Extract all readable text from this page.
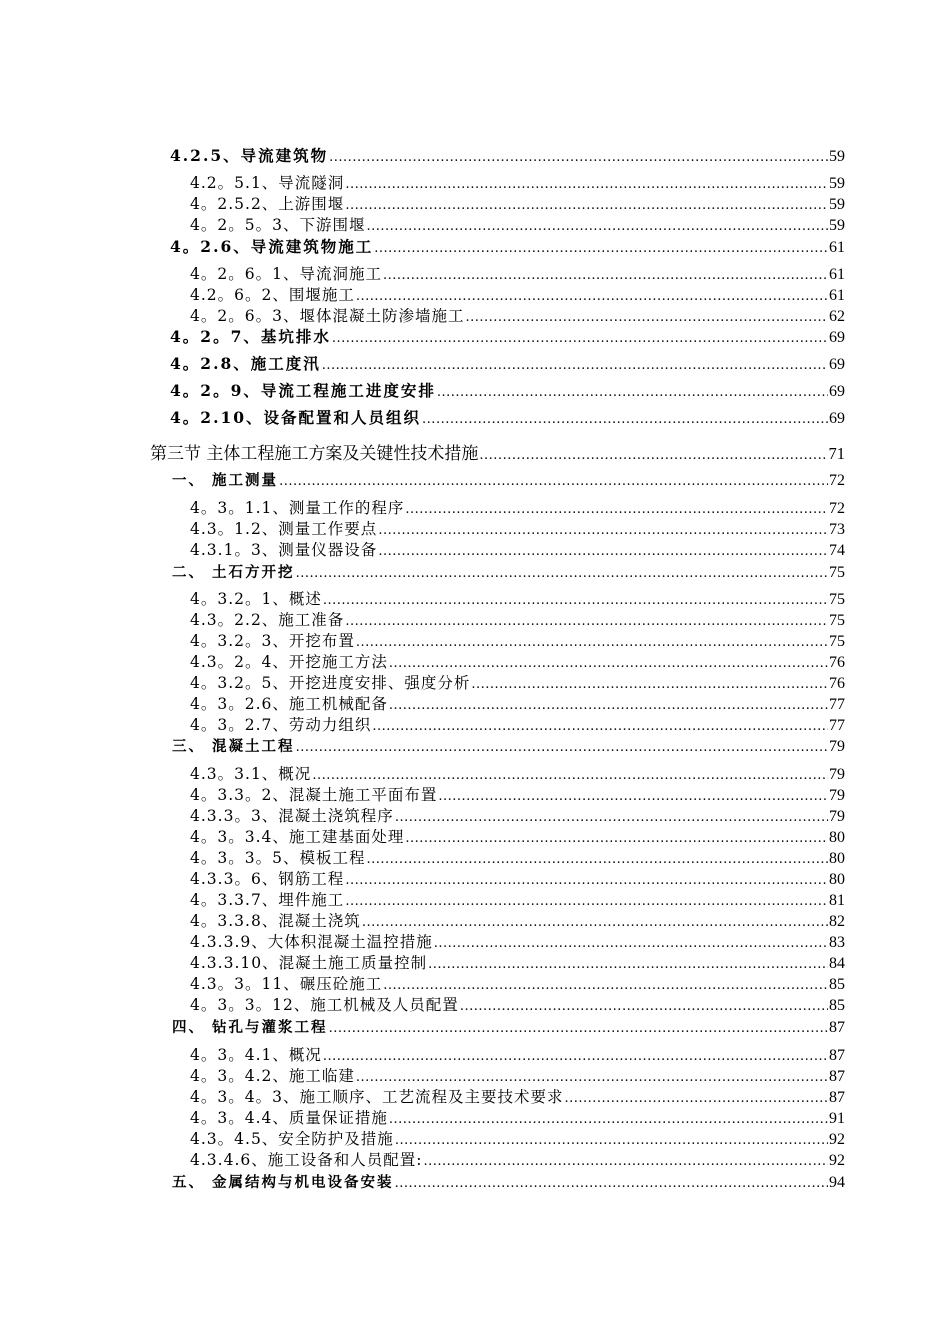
4.2.5、导流建筑物 .....	59
4.2。5.1、导流隧洞 .....	59
4。2.5.2、上游围堰 .....	59
4。2。5。3、下游围堰 .....	59
4。2.6、导流建筑物施工 .....	61
4。2。6。1、导流洞施工 .....	61
4.2。6。2、围堰施工 .....	61
4。2。6。3、堰体混凝土防渗墙施工 .....	62
4。2。7、基坑排水 .....	69
4。2.8、施工度汛 .....	69
4。2。9、导流工程施工进度安排 .....	69
4。2.10、设备配置和人员组织 .....	69
第三节 主体工程施工方案及关键性技术措施 .....	71
一、 施工测量 .....	72
4。3。1.1、测量工作的程序 .....	72
4.3。1.2、测量工作要点 .....	73
4.3.1。3、测量仪器设备 .....	74
二、 土石方开挖 .....	75
4。3.2。1、概述 .....	75
4.3。2.2、施工准备 .....	75
4。3.2。3、开挖布置 .....	75
4.3。2。4、开挖施工方法 .....	76
4。3.2。5、开挖进度安排、强度分析 .....	76
4。3。2.6、施工机械配备 .....	77
4。3。2.7、劳动力组织 .....	77
三、 混凝土工程 .....	79
4.3。3.1、概况 .....	79
4。3.3。2、混凝土施工平面布置 .....	79
4.3.3。3、混凝土浇筑程序 .....	79
4。3。3.4、施工建基面处理 .....	80
4。3。3。5、模板工程 .....	80
4.3.3。6、钢筋工程 .....	80
4。3.3.7、埋件施工 .....	81
4。3.3.8、混凝土浇筑 .....	82
4.3.3.9、大体积混凝土温控措施 .....	83
4.3.3.10、混凝土施工质量控制 .....	84
4.3。3。11、碾压砼施工 .....	85
4。3。3。12、施工机械及人员配置 .....	85
四、 钻孔与灌浆工程 .....	87
4。3。4.1、概况 .....	87
4。3。4.2、施工临建 .....	87
4。3。4。3、施工顺序、工艺流程及主要技术要求 .....	87
4。3。4.4、质量保证措施 .....	91
4.3。4.5、安全防护及措施 .....	92
4.3.4.6、施工设备和人员配置: .....	92
五、 金属结构与机电设备安装 .....	94
